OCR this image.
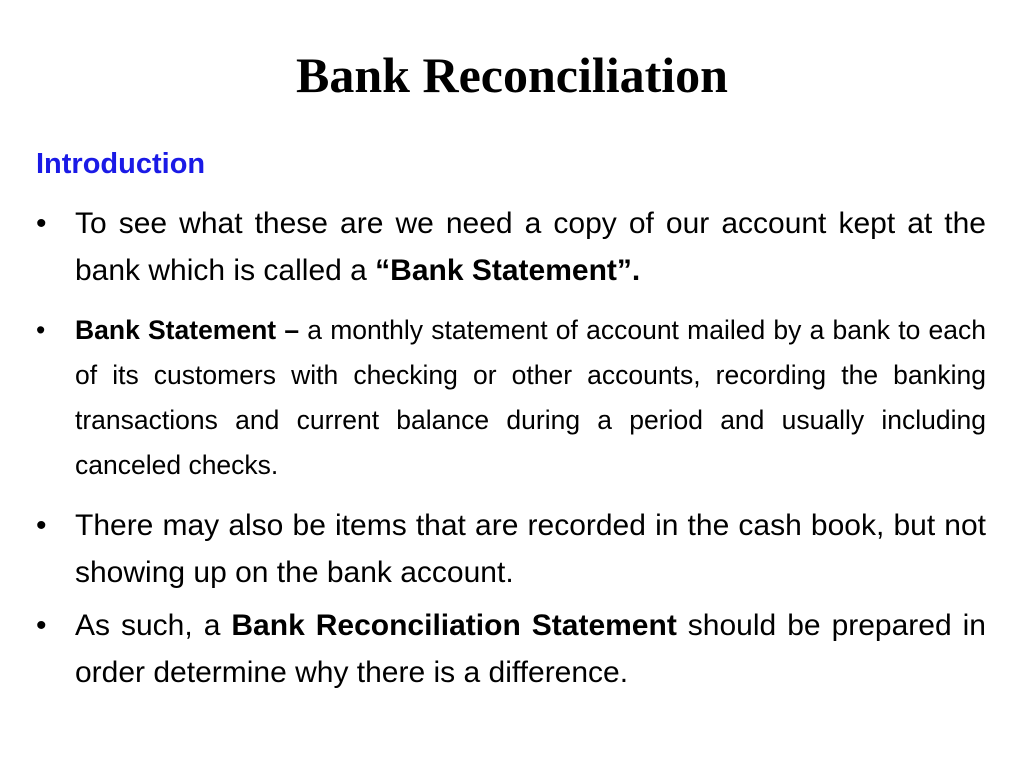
Bank Reconciliation
Introduction
• To see what these are we need a copy of our account kept at the bank which is called a “Bank Statement”.
•	Bank Statement – a monthly statement of account mailed by a bank to each of its customers with checking or other accounts, recording the banking transactions and current balance during a period and usually including canceled checks.
• There may also be items that are recorded in the cash book, but not showing up on the bank account.
• As such, a Bank Reconciliation Statement should be prepared in order determine why there is a difference.
